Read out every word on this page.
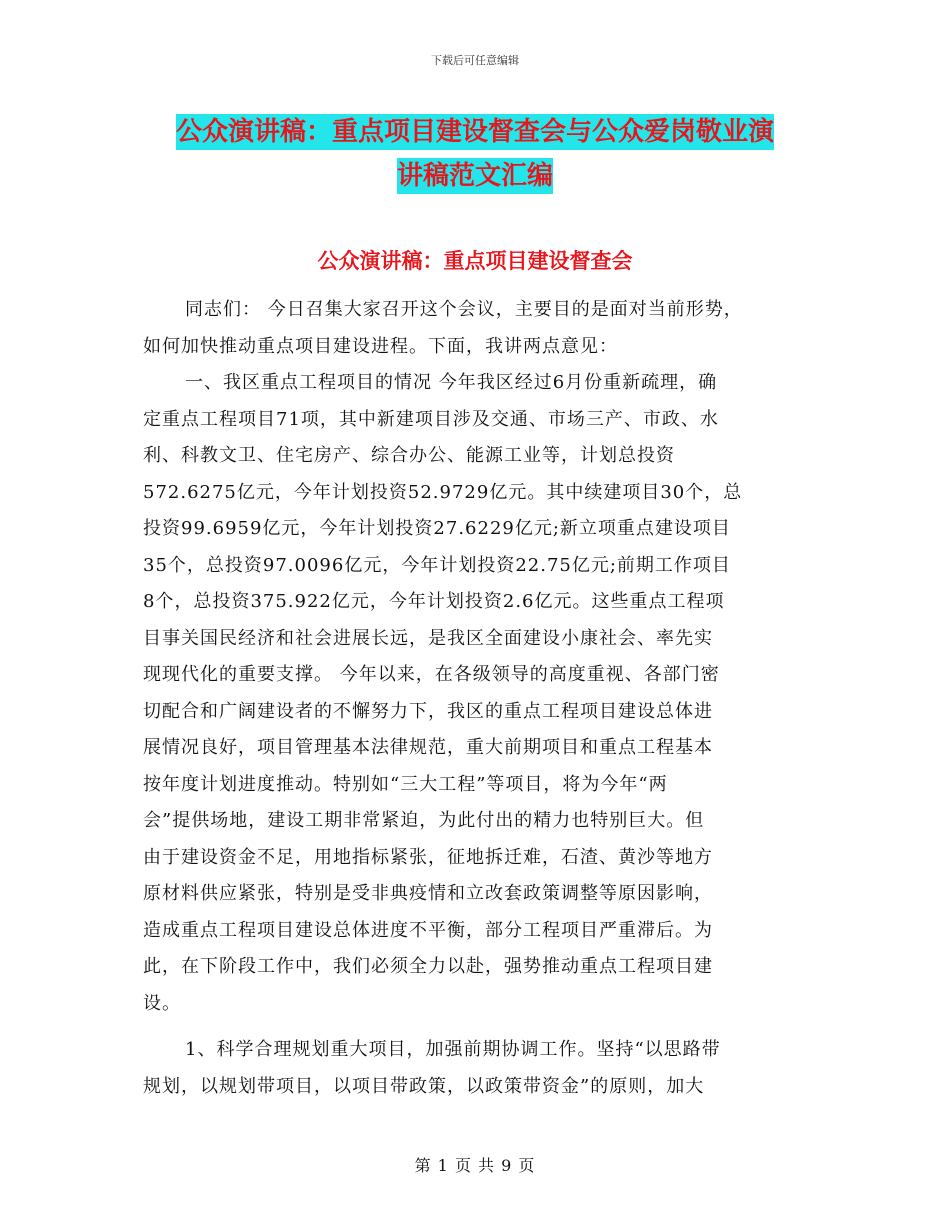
下载后可任意编辑
公众演讲稿：重点项目建设督查会与公众爱岗敬业演
讲稿范文汇编
公众演讲稿：重点项目建设督查会
同志们： 今日召集大家召开这个会议，主要目的是面对当前形势，
如何加快推动重点项目建设进程。下面，我讲两点意见：
一、我区重点工程项目的情况 今年我区经过6月份重新疏理，确
定重点工程项目71项，其中新建项目涉及交通、市场三产、市政、水
利、科教文卫、住宅房产、综合办公、能源工业等，计划总投资
572.6275亿元，今年计划投资52.9729亿元。其中续建项目30个，总
投资99.6959亿元，今年计划投资27.6229亿元;新立项重点建设项目
35个，总投资97.0096亿元，今年计划投资22.75亿元;前期工作项目
8个，总投资375.922亿元，今年计划投资2.6亿元。这些重点工程项
目事关国民经济和社会进展长远，是我区全面建设小康社会、率先实
现现代化的重要支撑。 今年以来，在各级领导的高度重视、各部门密
切配合和广阔建设者的不懈努力下，我区的重点工程项目建设总体进
展情况良好，项目管理基本法律规范，重大前期项目和重点工程基本
按年度计划进度推动。特别如“三大工程”等项目，将为今年“两
会”提供场地，建设工期非常紧迫，为此付出的精力也特别巨大。但
由于建设资金不足，用地指标紧张，征地拆迁难，石渣、黄沙等地方
原材料供应紧张，特别是受非典疫情和立改套政策调整等原因影响，
造成重点工程项目建设总体进度不平衡，部分工程项目严重滞后。为
此，在下阶段工作中，我们必须全力以赴，强势推动重点工程项目建
设。
1、科学合理规划重大项目，加强前期协调工作。坚持“以思路带
规划，以规划带项目，以项目带政策，以政策带资金”的原则，加大
第 1 页 共 9 页
